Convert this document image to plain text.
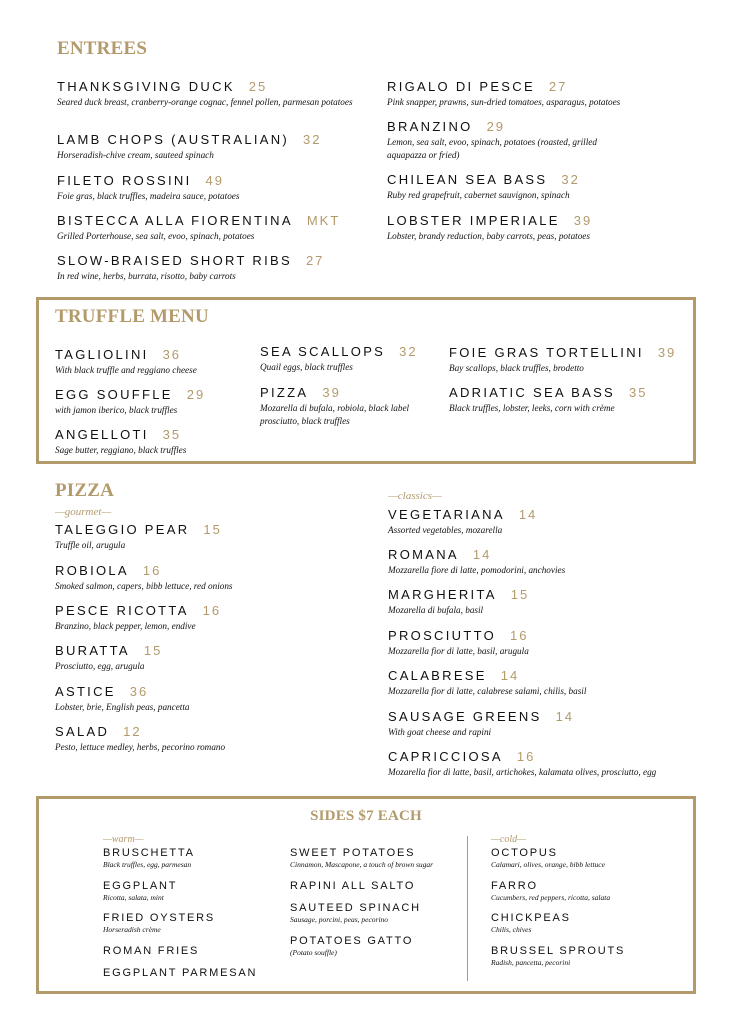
ENTREES
THANKSGIVING DUCK 25
Seared duck breast, cranberry-orange cognac, fennel pollen, parmesan potatoes
LAMB CHOPS (AUSTRALIAN) 32
Horseradish-chive cream, sauteed spinach
FILETO ROSSINI 49
Foie gras, black truffles, madeira sauce, potatoes
BISTECCA ALLA FIORENTINA MKT
Grilled Porterhouse, sea salt, evoo, spinach, potatoes
SLOW-BRAISED SHORT RIBS 27
In red wine, herbs, burrata, risotto, baby carrots
RIGALO DI PESCE 27
Pink snapper, prawns, sun-dried tomatoes, asparagus, potatoes
BRANZINO 29
Lemon, sea salt, evoo, spinach, potatoes (roasted, grilled aquapazza or fried)
CHILEAN SEA BASS 32
Ruby red grapefruit, cabernet sauvignon, spinach
LOBSTER IMPERIALE 39
Lobster, brandy reduction, baby carrots, peas, potatoes
TRUFFLE MENU
TAGLIOLINI 36
With black truffle and reggiano cheese
EGG SOUFFLE 29
with jamon iberico, black truffles
ANGELLOTI 35
Sage butter, reggiano, black truffles
SEA SCALLOPS 32
Quail eggs, black truffles
PIZZA 39
Mozarella di bufala, robiola, black label prosciutto, black truffles
FOIE GRAS TORTELLINI 39
Bay scallops, black truffles, brodetto
ADRIATIC SEA BASS 35
Black truffles, lobster, leeks, corn with crème
PIZZA
—gourmet—
—classics—
TALEGGIO PEAR 15
Truffle oil, arugula
ROBIOLA 16
Smoked salmon, capers, bibb lettuce, red onions
PESCE RICOTTA 16
Branzino, black pepper, lemon, endive
BURATTA 15
Prosciutto, egg, arugula
ASTICE 36
Lobster, brie, English peas, pancetta
SALAD 12
Pesto, lettuce medley, herbs, pecorino romano
VEGETARIANA 14
Assorted vegetables, mozarella
ROMANA 14
Mozzarella fiore di latte, pomodorini, anchovies
MARGHERITA 15
Mozarella di bufala, basil
PROSCIUTTO 16
Mozzarella fior di latte, basil, arugula
CALABRESE 14
Mozzarella fior di latte, calabrese salami, chilis, basil
SAUSAGE GREENS 14
With goat cheese and rapini
CAPRICCIOSA 16
Mozarella fior di latte, basil, artichokes, kalamata olives, prosciutto, egg
SIDES $7 EACH
—warm—	—cold—
BRUSCHETTA
Black truffles, egg, parmesan
EGGPLANT
Ricotta, salata, mint
FRIED OYSTERS
Horseradish crème
ROMAN FRIES
EGGPLANT PARMESAN
SWEET POTATOES
Cinnamon, Mascapone, a touch of brown sugar
RAPINI ALL SALTO
SAUTEED SPINACH
Sausage, porcini, peas, pecorino
POTATOES GATTO
(Potato souffle)
OCTOPUS
Calamari, olives, orange, bibb lettuce
FARRO
Cucumbers, red peppers, ricotta, salata
CHICKPEAS
Chilis, chives
BRUSSEL SPROUTS
Radish, pancetta, pecorini
